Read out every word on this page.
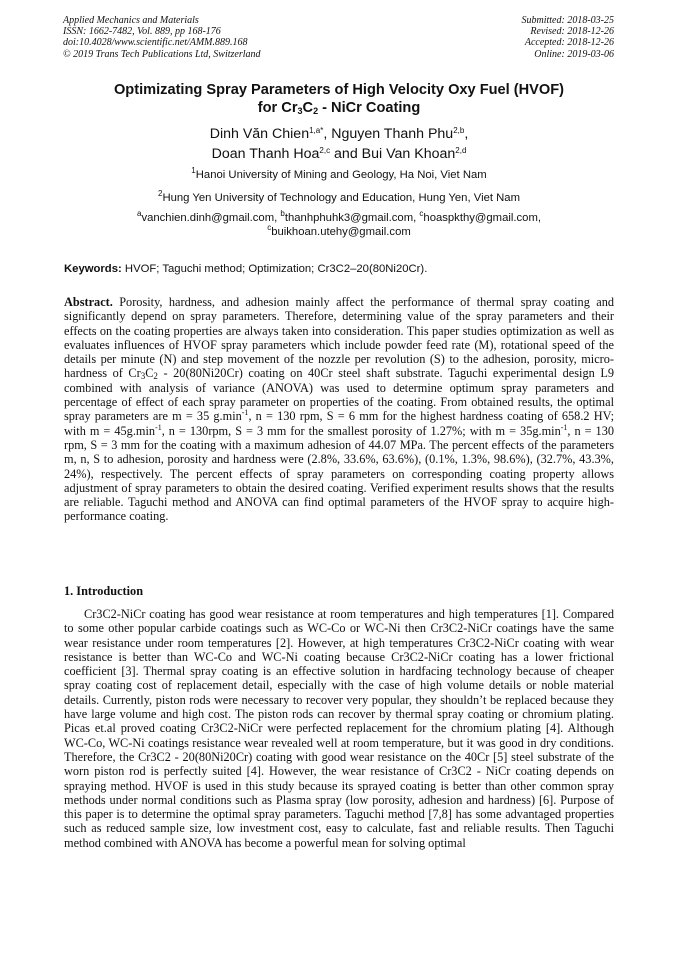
Applied Mechanics and Materials
ISSN: 1662-7482, Vol. 889, pp 168-176
doi:10.4028/www.scientific.net/AMM.889.168
© 2019 Trans Tech Publications Ltd, Switzerland
Submitted: 2018-03-25
Revised: 2018-12-26
Accepted: 2018-12-26
Online: 2019-03-06
Optimizating Spray Parameters of High Velocity Oxy Fuel (HVOF)
for $Cr_3C_2$ - NiCr Coating
Dinh Văn Chien$^{1,a*}$, Nguyen Thanh Phu$^{2,b}$,
Doan Thanh Hoa$^{2,c}$ and Bui Van Khoan$^{2,d}$
$^1$Hanoi University of Mining and Geology, Ha Noi, Viet Nam
$^2$Hung Yen University of Technology and Education, Hung Yen, Viet Nam
$^a$vanchien.dinh@gmail.com, $^b$thanhphuhk3@gmail.com, $^c$hoaspkthy@gmail.com,
$^c$buikhoan.utehy@gmail.com
Keywords: HVOF; Taguchi method; Optimization; Cr3C2–20(80Ni20Cr).

Abstract. Porosity, hardness, and adhesion mainly affect the performance of thermal spray coating and significantly depend on spray parameters. Therefore, determining value of the spray parameters and their effects on the coating properties are always taken into consideration. This paper studies optimization as well as evaluates influences of HVOF spray parameters which include powder feed rate (M), rotational speed of the details per minute (N) and step movement of the nozzle per revolution (S) to the adhesion, porosity, micro-hardness of $Cr_3C_2 - 20(80Ni20Cr)$ coating on 40Cr steel shaft substrate. Taguchi experimental design L9 combined with analysis of variance (ANOVA) was used to determine optimum spray parameters and percentage of effect of each spray parameter on properties of the coating. From obtained results, the optimal spray parameters are m = 35 $g.\min^{-1}$, n = 130 rpm, S = 6 mm for the highest hardness coating of 658.2 HV; with $m = 45g.\min^{-1}$, n = 130rpm, S = 3 mm for the smallest porosity of 1.27%; with $m = 35g.\min^{-1}$, n = 130 rpm, S = 3 mm for the coating with a maximum adhesion of 44.07 MPa. The percent effects of the parameters m, n, S to adhesion, porosity and hardness were (2.8%, 33.6%, 63.6%), (0.1%, 1.3%, 98.6%), (32.7%, 43.3%, 24%), respectively. The percent effects of spray parameters on corresponding coating property allows adjustment of spray parameters to obtain the desired coating. Verified experiment results shows that the results are reliable. Taguchi method and ANOVA can find optimal parameters of the HVOF spray to acquire high-performance coating.

1. Introduction

Cr3C2-NiCr coating has good wear resistance at room temperatures and high temperatures [1]. Compared to some other popular carbide coatings such as WC-Co or WC-Ni then Cr3C2-NiCr coatings have the same wear resistance under room temperatures [2]. However, at high temperatures Cr3C2-NiCr coating with wear resistance is better than WC-Co and WC-Ni coating because Cr3C2-NiCr coating has a lower frictional coefficient [3]. Thermal spray coating is an effective solution in hardfacing technology because of cheaper spray coating cost of replacement detail, especially with the case of high volume details or noble material details. Currently, piston rods were necessary to recover very popular, they shouldn’t be replaced because they have large volume and high cost. The piston rods can recover by thermal spray coating or chromium plating. Picas et.al proved coating Cr3C2-NiCr were perfected replacement for the chromium plating [4]. Although WC-Co, WC-Ni coatings resistance wear revealed well at room temperature, but it was good in dry conditions. Therefore, the Cr3C2 - 20(80Ni20Cr) coating with good wear resistance on the 40Cr [5] steel substrate of the worn piston rod is perfectly suited [4]. However, the wear resistance of Cr3C2 - NiCr coating depends on spraying method. HVOF is used in this study because its sprayed coating is better than other common spray methods under normal conditions such as Plasma spray (low porosity, adhesion and hardness) [6]. Purpose of this paper is to determine the optimal spray parameters. Taguchi method [7,8] has some advantaged properties such as reduced sample size, low investment cost, easy to calculate, fast and reliable results. Then Taguchi method combined with ANOVA has become a powerful mean for solving optimal
